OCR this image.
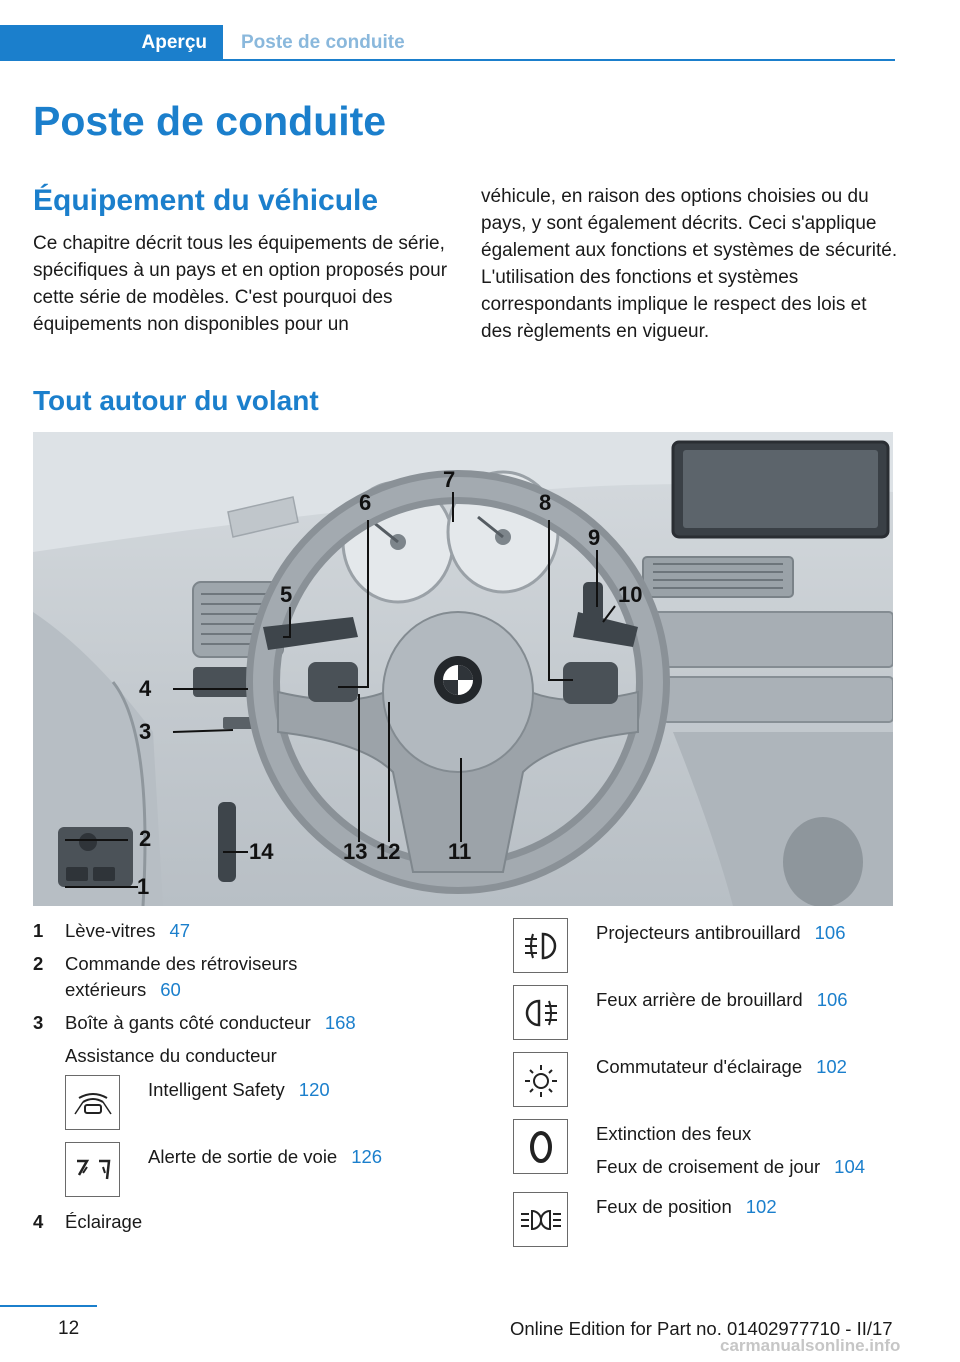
Aperçu	Poste de conduite
Poste de conduite
Équipement du véhicule

Ce chapitre décrit tous les équipements de série, spécifiques à un pays et en option proposés pour cette série de modèles. C'est pourquoi des équipements non disponibles pour un

véhicule, en raison des options choisies ou du pays, y sont également décrits. Ceci s'applique également aux fonctions et systèmes de sécurité. L'utilisation des fonctions et systèmes correspondants implique le respect des lois et des règlements en vigueur.

Tout autour du volant
1
2
3
4
5
6
7
8
9
10
11
12
13
14
1	Lève-vitres 47
2	Commande des rétroviseurs extérieurs 60
3	Boîte à gants côté conducteur 168
Assistance du conducteur
Intelligent Safety 120
Alerte de sortie de voie 126
4	Éclairage
Projecteurs antibrouillard 106
Feux arrière de brouillard 106
Commutateur d'éclairage 102
Extinction des feux
Feux de croisement de jour 104
Feux de position 102
12	Online Edition for Part no. 01402977710 - II/17
carmanualsonline.info
